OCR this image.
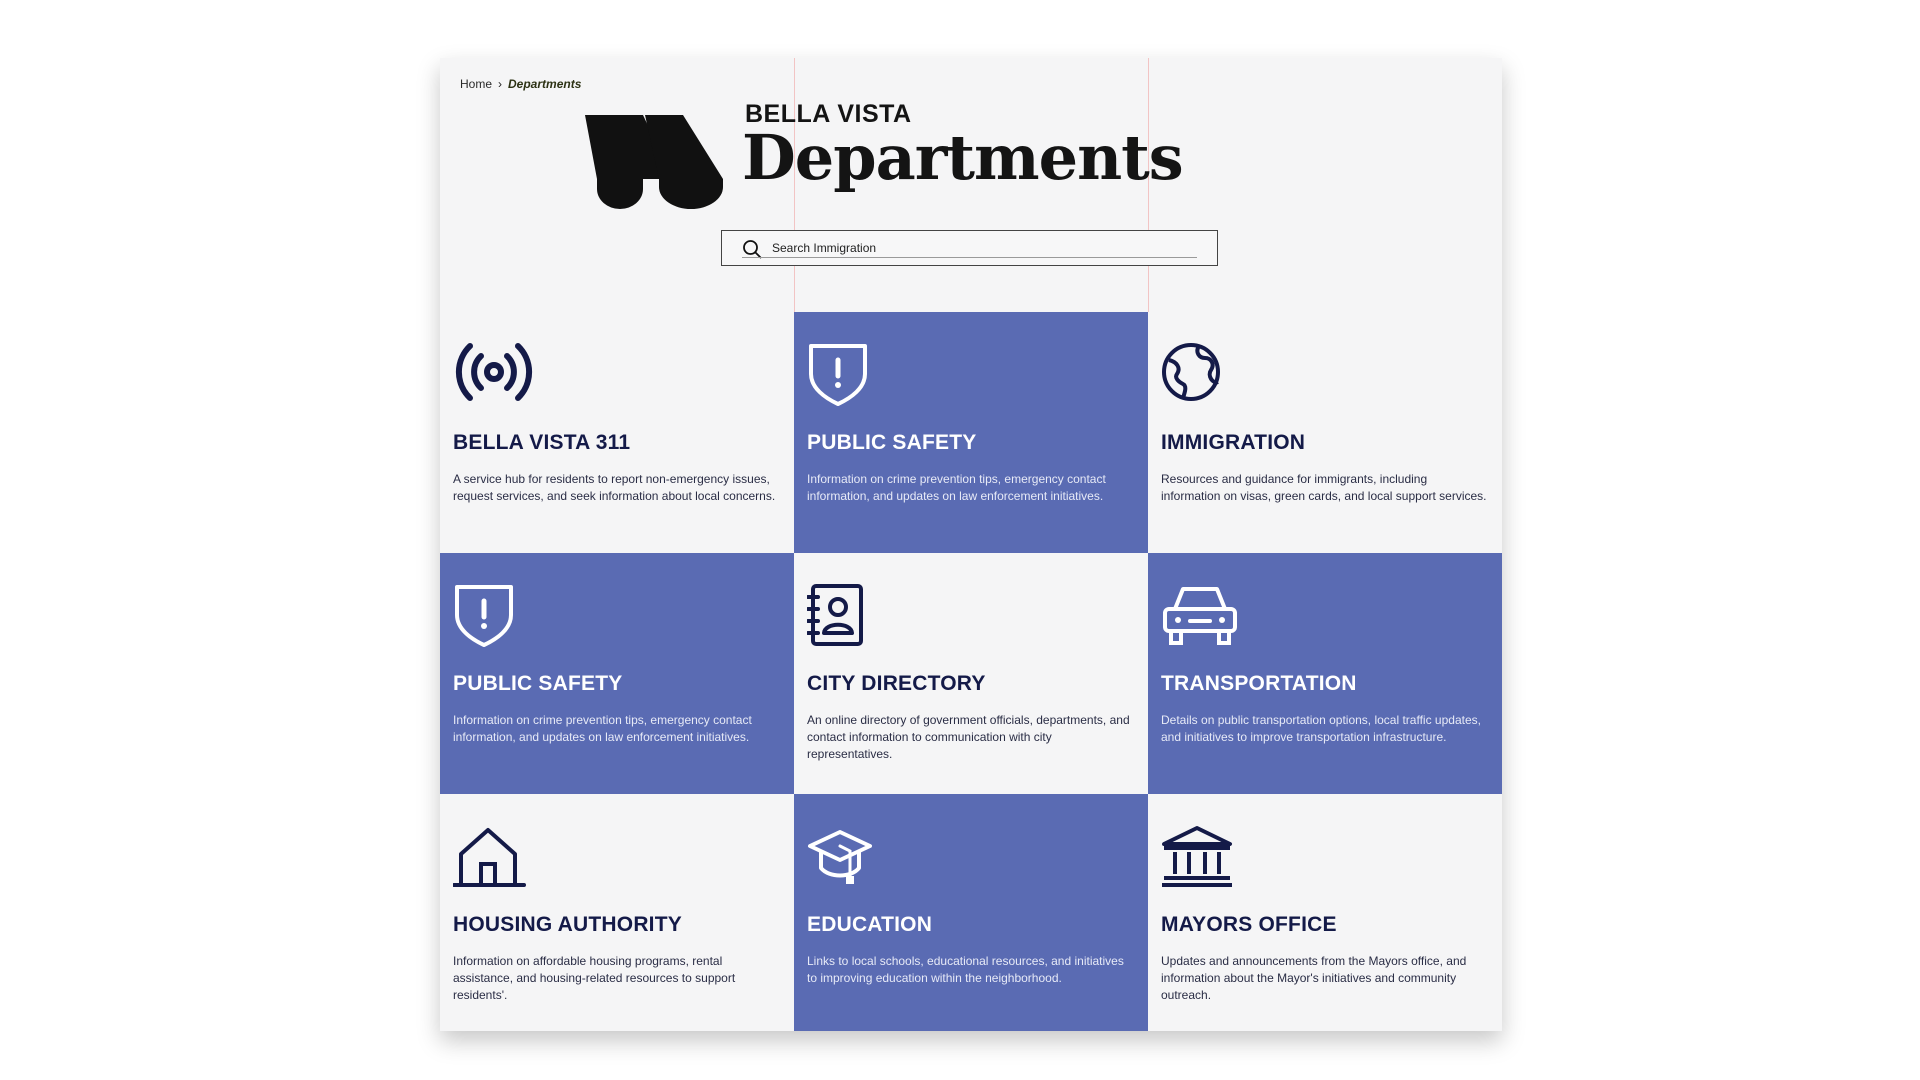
Home › Departments
BELLA VISTA
Departments
Search Immigration
BELLA VISTA 311

A service hub for residents to report non-emergency issues, request services, and seek information about local concerns.

PUBLIC SAFETY

Information on crime prevention tips, emergency contact information, and updates on law enforcement initiatives.

IMMIGRATION

Resources and guidance for immigrants, including information on visas, green cards, and local support services.

PUBLIC SAFETY

Information on crime prevention tips, emergency contact information, and updates on law enforcement initiatives.

CITY DIRECTORY

An online directory of government officials, departments, and contact information to communication with city representatives.

TRANSPORTATION

Details on public transportation options, local traffic updates, and initiatives to improve transportation infrastructure.

HOUSING AUTHORITY

Information on affordable housing programs, rental assistance, and housing-related resources to support residents'.

EDUCATION

Links to local schools, educational resources, and initiatives to improving education within the neighborhood.

MAYORS OFFICE

Updates and announcements from the Mayors office, and information about the Mayor's initiatives and community outreach.
